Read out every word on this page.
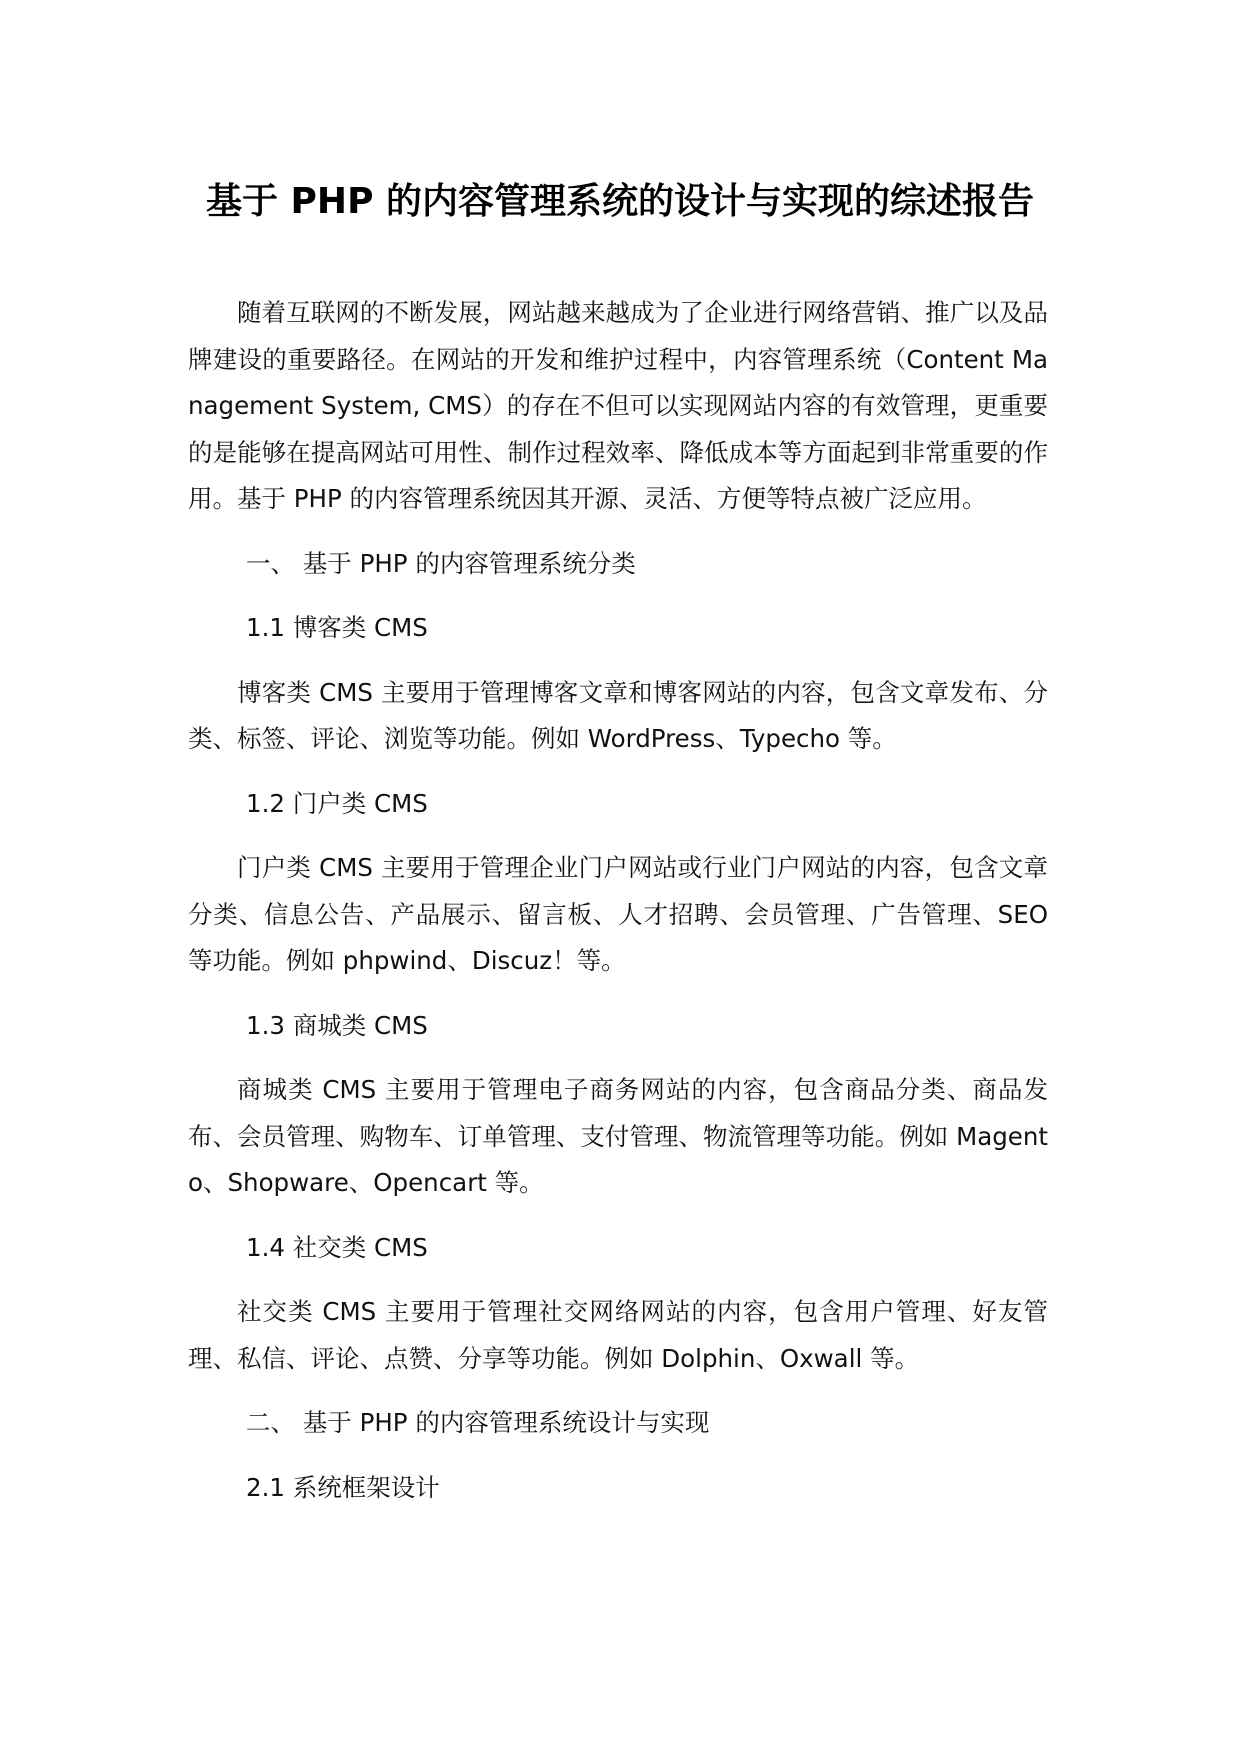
基于 PHP 的内容管理系统的设计与实现的综述报告

随着互联网的不断发展，网站越来越成为了企业进行网络营销、推广以及品牌建设的重要路径。在网站的开发和维护过程中，内容管理系统（Content Management System, CMS）的存在不但可以实现网站内容的有效管理，更重要的是能够在提高网站可用性、制作过程效率、降低成本等方面起到非常重要的作用。基于 PHP 的内容管理系统因其开源、灵活、方便等特点被广泛应用。

一、 基于 PHP 的内容管理系统分类
1.1 博客类 CMS

博客类 CMS 主要用于管理博客文章和博客网站的内容，包含文章发布、分类、标签、评论、浏览等功能。例如 WordPress、Typecho 等。

1.2 门户类 CMS

门户类 CMS 主要用于管理企业门户网站或行业门户网站的内容，包含文章分类、信息公告、产品展示、留言板、人才招聘、会员管理、广告管理、SEO 等功能。例如 phpwind、Discuz！等。

1.3 商城类 CMS

商城类 CMS 主要用于管理电子商务网站的内容，包含商品分类、商品发布、会员管理、购物车、订单管理、支付管理、物流管理等功能。例如 Magento、Shopware、Opencart 等。

1.4 社交类 CMS

社交类 CMS 主要用于管理社交网络网站的内容，包含用户管理、好友管理、私信、评论、点赞、分享等功能。例如 Dolphin、Oxwall 等。

二、 基于 PHP 的内容管理系统设计与实现
2.1 系统框架设计
